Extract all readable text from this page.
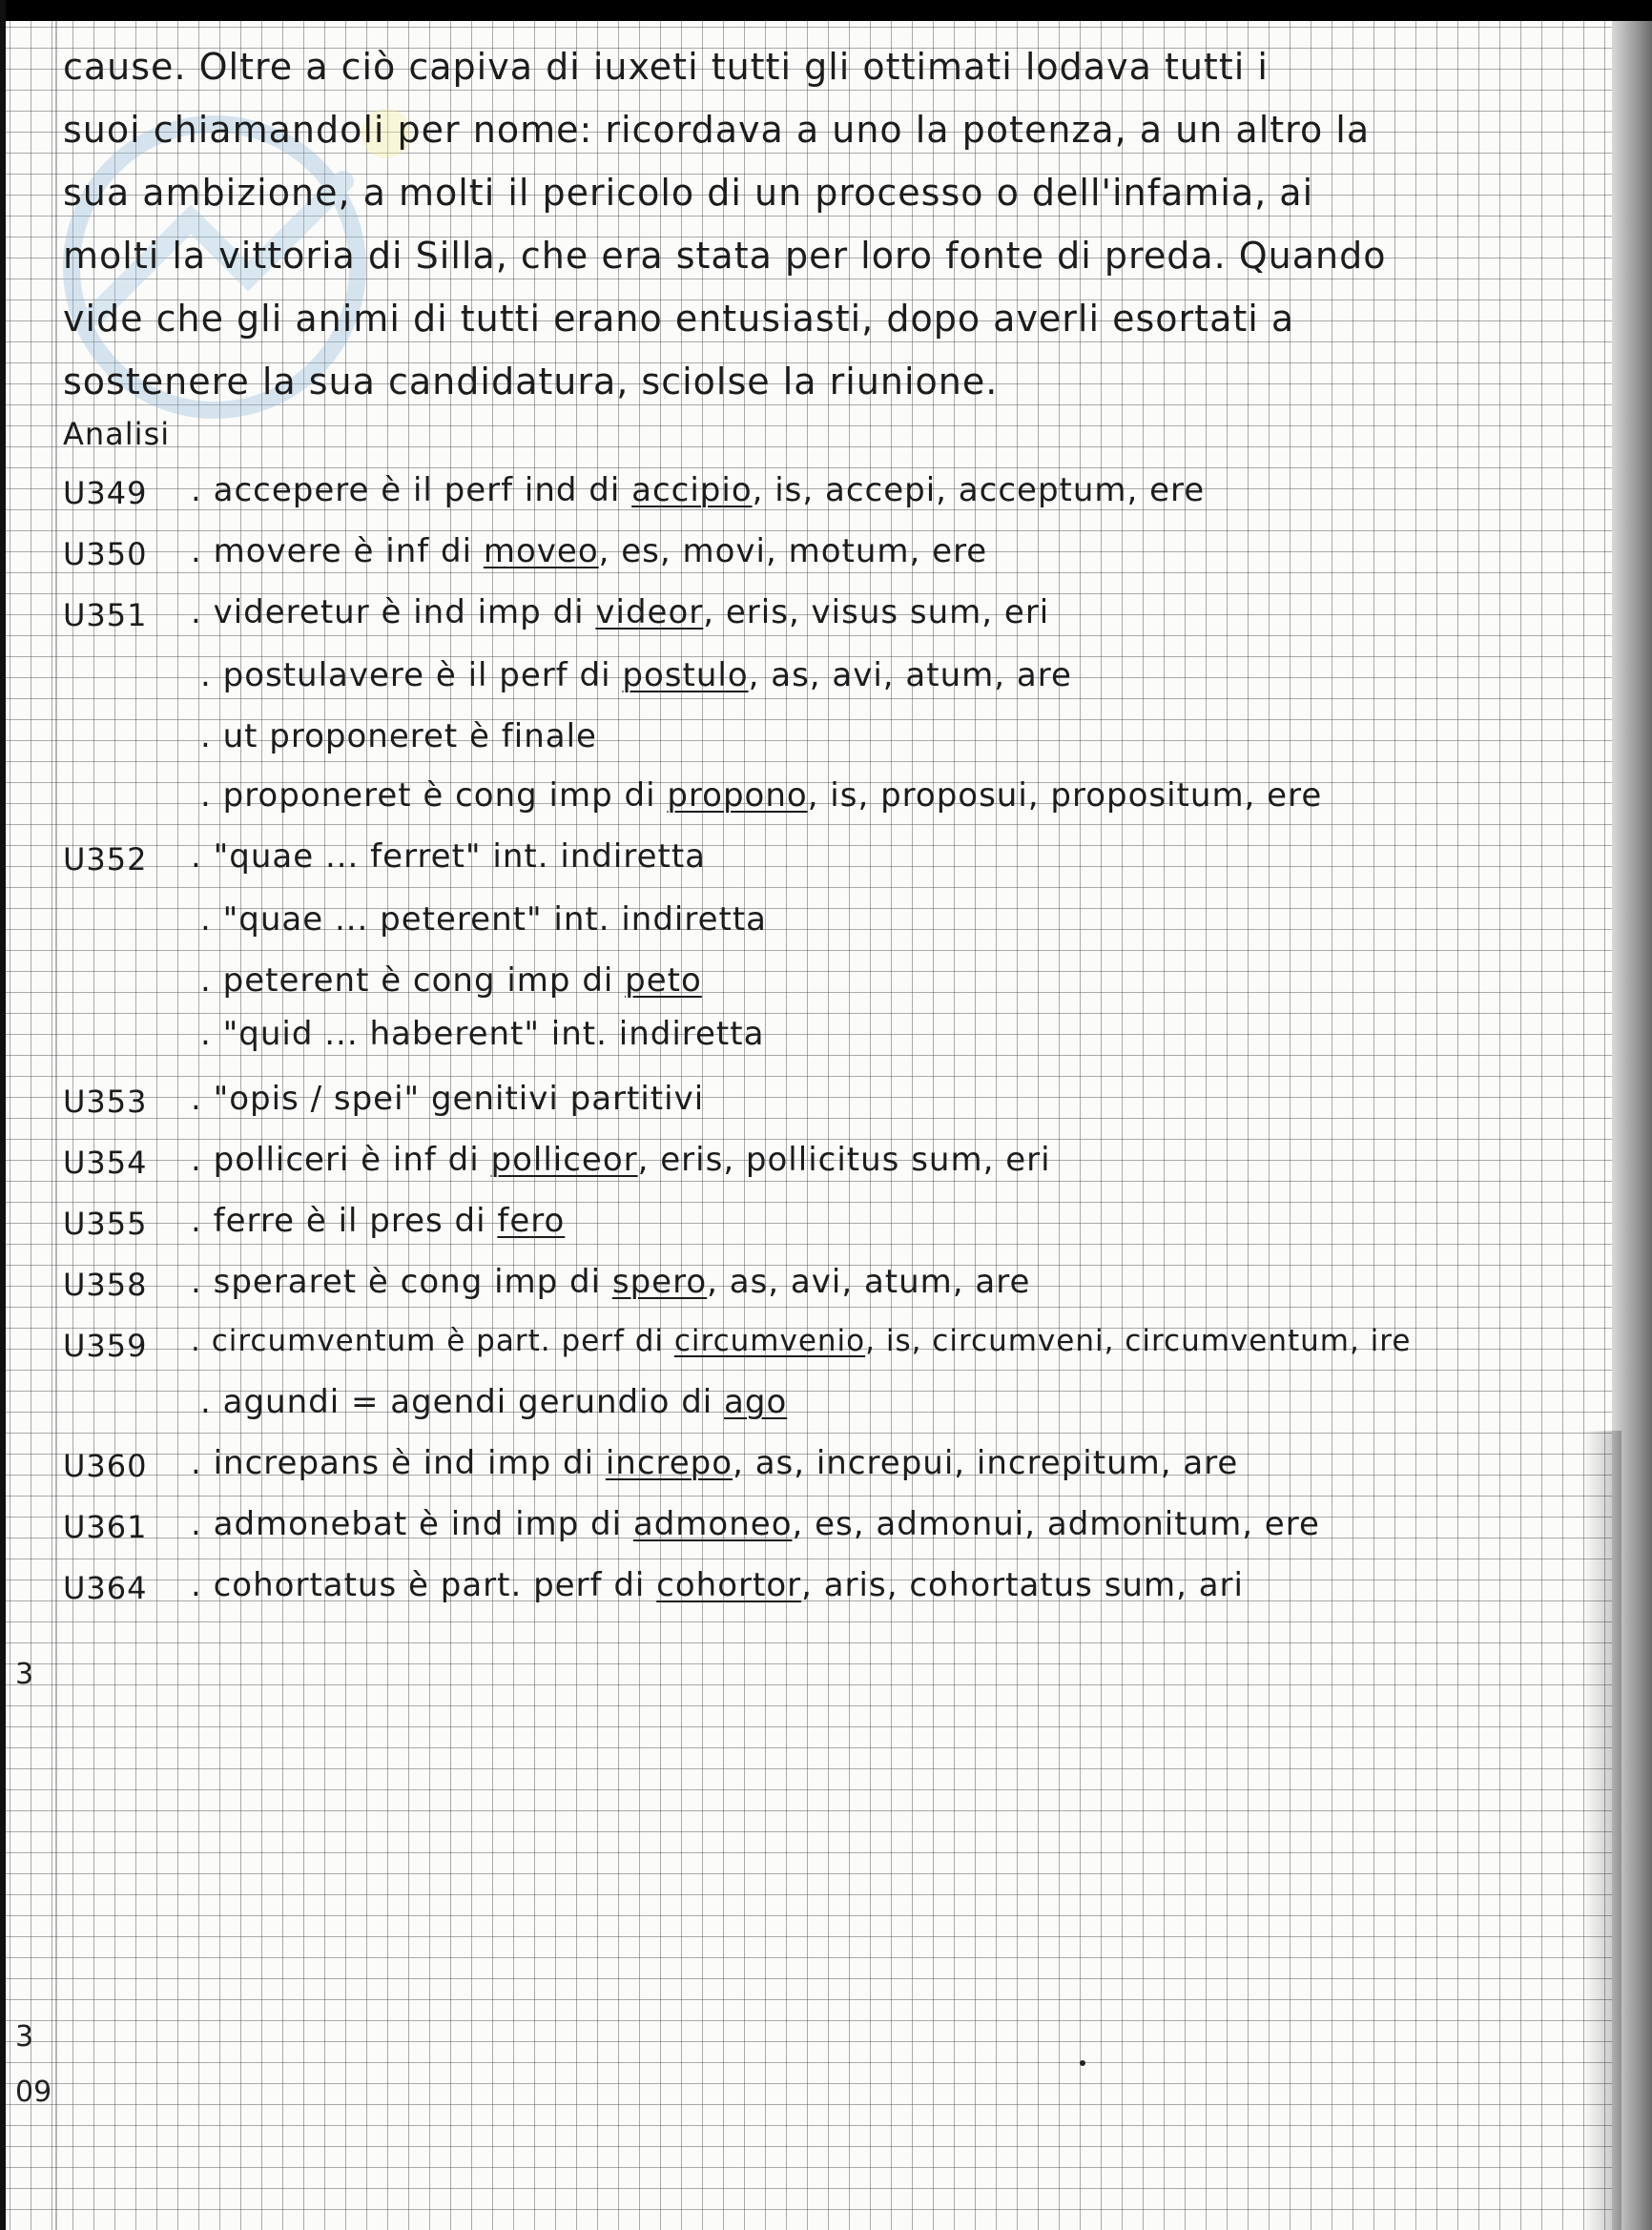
cause. Oltre a ciò capiva di iuxeti tutti gli ottimati lodava tutti i
suoi chiamandoli per nome: ricordava a uno la potenza, a un altro la
sua ambizione, a molti il pericolo di un processo o dell'infamia, ai
molti la vittoria di Silla, che era stata per loro fonte di preda. Quando
vide che gli animi di tutti erano entusiasti, dopo averli esortati a
sostenere la sua candidatura, sciolse la riunione.
Analisi
U349 . accepere è il perf ind di accipio, is, accepi, acceptum, ere
U350 . movere è inf di moveo, es, movi, motum, ere
U351 . videretur è ind imp di videor, eris, visus sum, eri
. postulavere è il perf di postulo, as, avi, atum, are
. ut proponeret è finale
. proponeret è cong imp di propono, is, proposui, propositum, ere
U352 . "quae ... ferret" int. indiretta
. "quae ... peterent" int. indiretta
. peterent è cong imp di peto
. "quid ... haberent" int. indiretta
U353 . "opis / spei" genitivi partitivi
U354 . polliceri è inf di polliceor, eris, pollicitus sum, eri
U355 . ferre è il pres di fero
U358 . speraret è cong imp di spero, as, avi, atum, are
U359 . circumventum è part. perf di circumvenio, is, circumveni, circumventum, ire
. agundi = agendi gerundio di ago
U360 . increpans è ind imp di increpo, as, increpui, increpitum, are
U361 . admonebat è ind imp di admoneo, es, admonui, admonitum, ere
U364 . cohortatus è part. perf di cohortor, aris, cohortatus sum, ari
3
3
09
